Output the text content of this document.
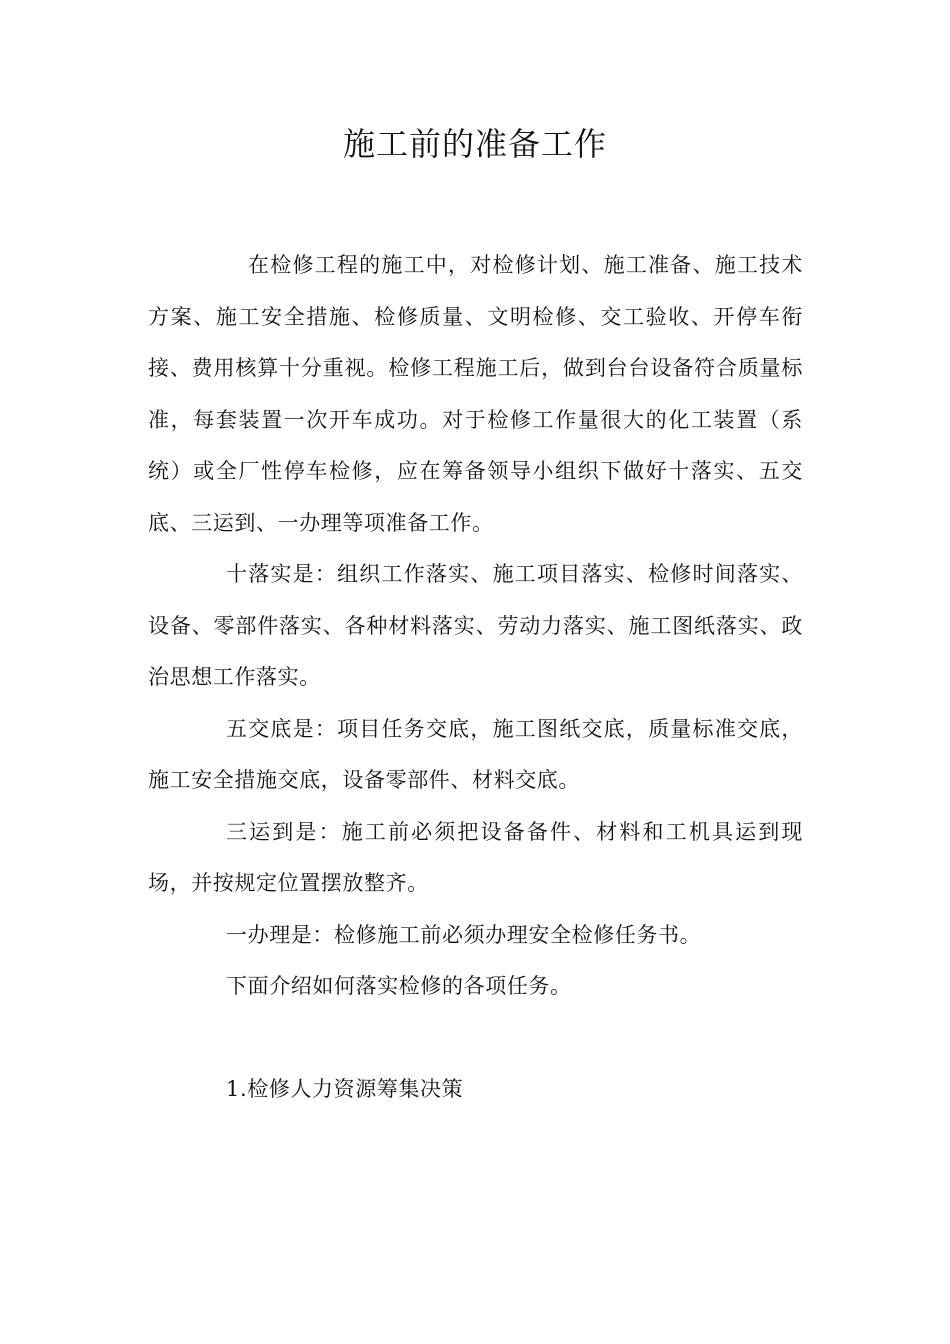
施工前的准备工作

在检修工程的施工中，对检修计划、施工准备、施工技术方案、施工安全措施、检修质量、文明检修、交工验收、开停车衔接、费用核算十分重视。检修工程施工后，做到台台设备符合质量标准，每套装置一次开车成功。对于检修工作量很大的化工装置（系统）或全厂性停车检修，应在筹备领导小组织下做好十落实、五交底、三运到、一办理等项准备工作。

十落实是：组织工作落实、施工项目落实、检修时间落实、设备、零部件落实、各种材料落实、劳动力落实、施工图纸落实、政治思想工作落实。

五交底是：项目任务交底，施工图纸交底，质量标准交底，施工安全措施交底，设备零部件、材料交底。

三运到是：施工前必须把设备备件、材料和工机具运到现场，并按规定位置摆放整齐。

一办理是：检修施工前必须办理安全检修任务书。

下面介绍如何落实检修的各项任务。

1.检修人力资源筹集决策
